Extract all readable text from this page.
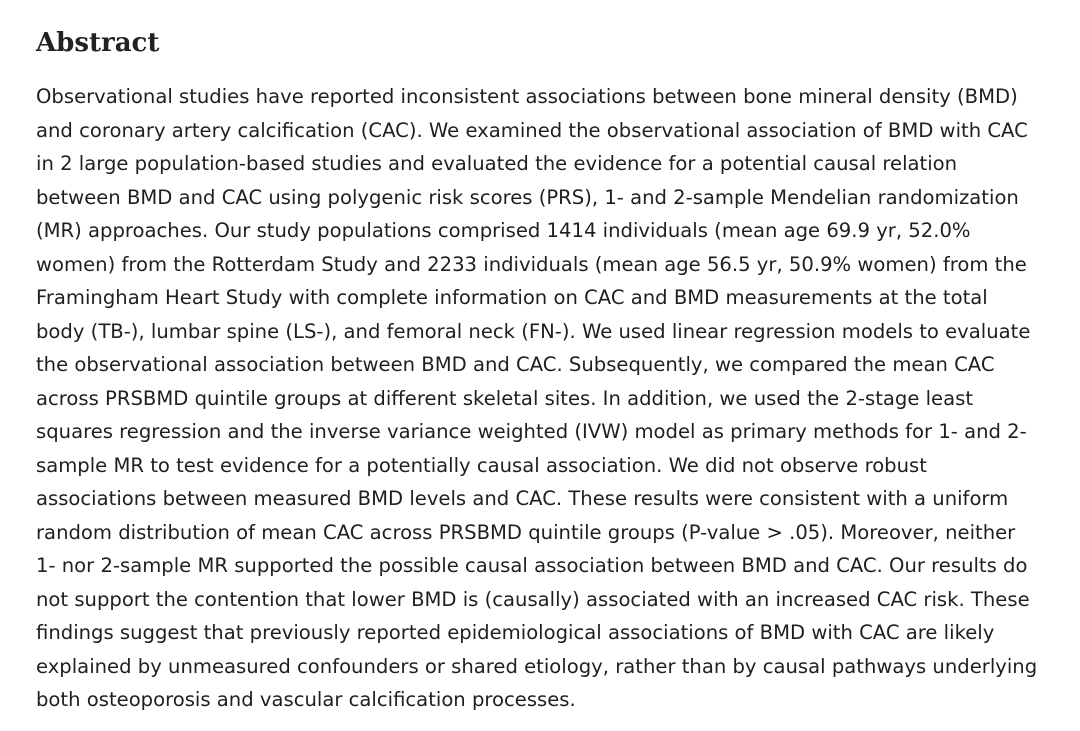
Abstract

Observational studies have reported inconsistent associations between bone mineral density (BMD)
and coronary artery calcification (CAC). We examined the observational association of BMD with CAC
in 2 large population-based studies and evaluated the evidence for a potential causal relation
between BMD and CAC using polygenic risk scores (PRS), 1- and 2-sample Mendelian randomization
(MR) approaches. Our study populations comprised 1414 individuals (mean age 69.9 yr, 52.0%
women) from the Rotterdam Study and 2233 individuals (mean age 56.5 yr, 50.9% women) from the
Framingham Heart Study with complete information on CAC and BMD measurements at the total
body (TB-), lumbar spine (LS-), and femoral neck (FN-). We used linear regression models to evaluate
the observational association between BMD and CAC. Subsequently, we compared the mean CAC
across PRSBMD quintile groups at different skeletal sites. In addition, we used the 2-stage least
squares regression and the inverse variance weighted (IVW) model as primary methods for 1- and 2-
sample MR to test evidence for a potentially causal association. We did not observe robust
associations between measured BMD levels and CAC. These results were consistent with a uniform
random distribution of mean CAC across PRSBMD quintile groups (P-value > .05). Moreover, neither
1- nor 2-sample MR supported the possible causal association between BMD and CAC. Our results do
not support the contention that lower BMD is (causally) associated with an increased CAC risk. These
findings suggest that previously reported epidemiological associations of BMD with CAC are likely
explained by unmeasured confounders or shared etiology, rather than by causal pathways underlying
both osteoporosis and vascular calcification processes.
